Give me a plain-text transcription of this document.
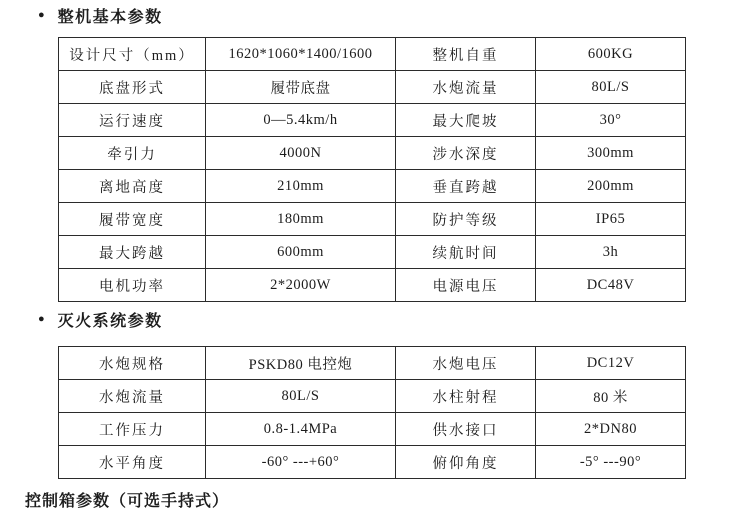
● 整机基本参数
设计尺寸（mm）	1620*1060*1400/1600	整机自重	600KG
底盘形式	履带底盘	水炮流量	80L/S
运行速度	0—5.4km/h	最大爬坡	30°
牵引力	4000N	涉水深度	300mm
离地高度	210mm	垂直跨越	200mm
履带宽度	180mm	防护等级	IP65
最大跨越	600mm	续航时间	3h
电机功率	2*2000W	电源电压	DC48V
● 灭火系统参数
水炮规格	PSKD80 电控炮	水炮电压	DC12V
水炮流量	80L/S	水柱射程	80 米
工作压力	0.8-1.4MPa	供水接口	2*DN80
水平角度	-60° ---+60°	俯仰角度	-5° ---90°
控制箱参数（可选手持式）
